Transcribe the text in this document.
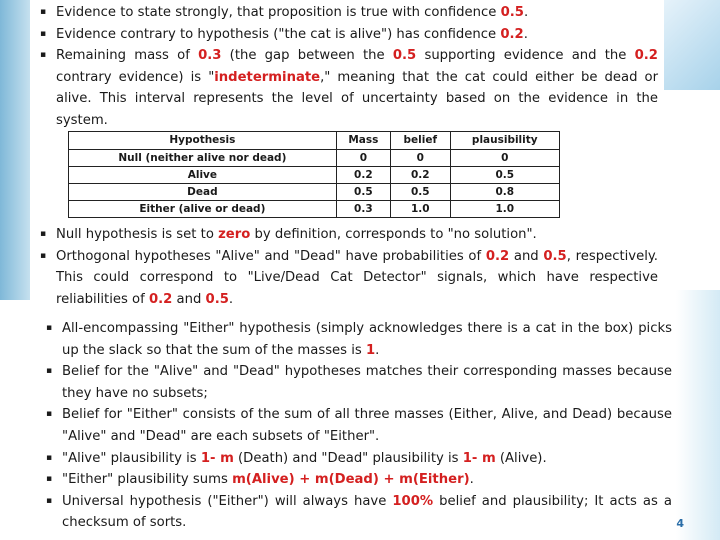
▪ Evidence to state strongly, that proposition is true with confidence 0.5.
▪ Evidence contrary to hypothesis ("the cat is alive") has confidence 0.2.
▪ Remaining mass of 0.3 (the gap between the 0.5 supporting evidence and the 0.2 contrary evidence) is "indeterminate," meaning that the cat could either be dead or alive. This interval represents the level of uncertainty based on the evidence in the system.
Hypothesis	Mass	belief	plausibility
Null (neither alive nor dead)	0	0	0
Alive	0.2	0.2	0.5
Dead	0.5	0.5	0.8
Either (alive or dead)	0.3	1.0	1.0
▪ Null hypothesis is set to zero by definition, corresponds to "no solution".
▪ Orthogonal hypotheses "Alive" and "Dead" have probabilities of 0.2 and 0.5, respectively. This could correspond to "Live/Dead Cat Detector" signals, which have respective reliabilities of 0.2 and 0.5.
▪ All-encompassing "Either" hypothesis (simply acknowledges there is a cat in the box) picks up the slack so that the sum of the masses is 1.
▪ Belief for the "Alive" and "Dead" hypotheses matches their corresponding masses because they have no subsets;
▪ Belief for "Either" consists of the sum of all three masses (Either, Alive, and Dead) because "Alive" and "Dead" are each subsets of "Either".
▪ "Alive" plausibility is 1- m (Death) and "Dead" plausibility is 1- m (Alive).
▪ "Either" plausibility sums m(Alive) + m(Dead) + m(Either).
▪ Universal hypothesis ("Either") will always have 100% belief and plausibility; It acts as a checksum of sorts.	4
